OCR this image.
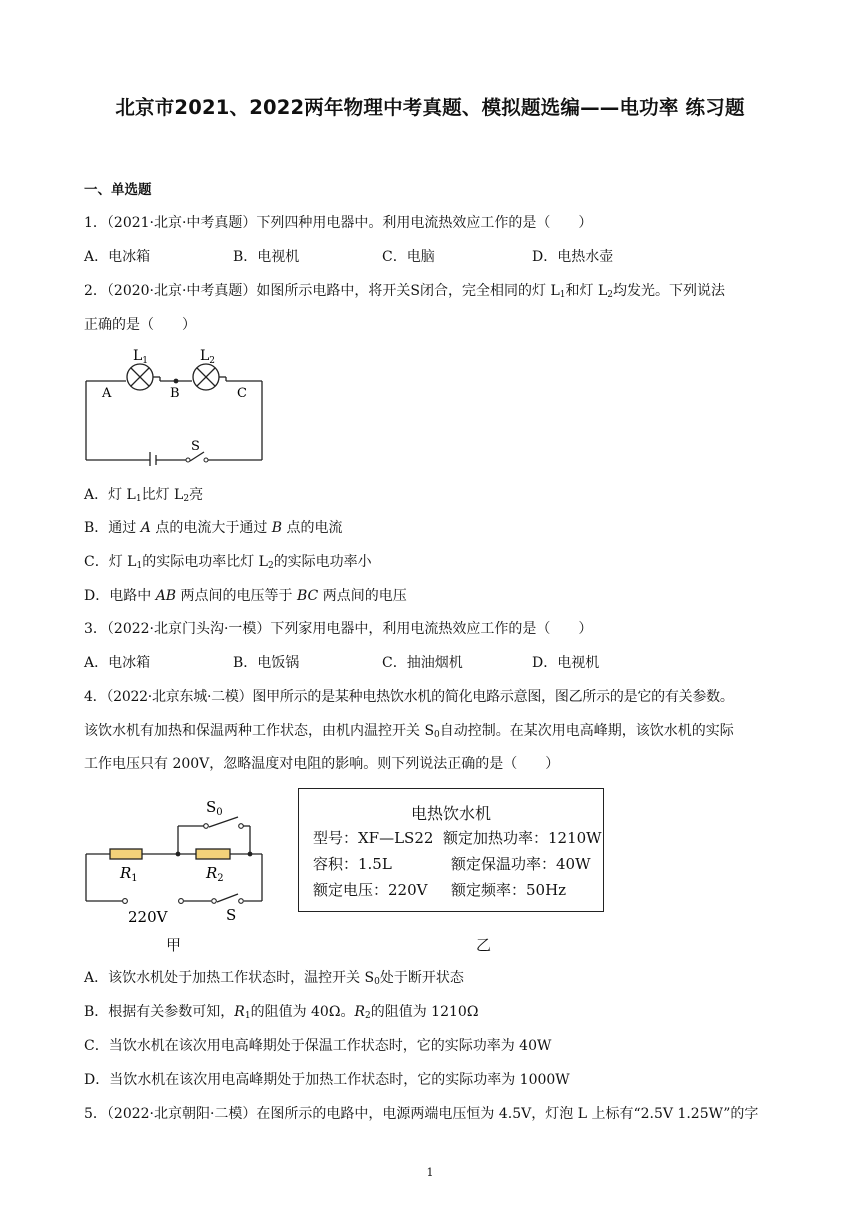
北京市2021、2022两年物理中考真题、模拟题选编——电功率 练习题
一、单选题
1．（2021·北京·中考真题）下列四种用电器中。利用电流热效应工作的是（　　）
A．电冰箱	B．电视机	C．电脑	D．电热水壶
2．（2020·北京·中考真题）如图所示电路中，将开关S闭合，完全相同的灯 $L_1$和灯 $L_2$均发光。下列说法
正确的是（　　）
$L_1$	$L_2$
A	B	C
S
A．灯 $L_1$比灯 $L_2$亮
B．通过 A 点的电流大于通过 B 点的电流
C．灯 $L_1$的实际电功率比灯 $L_2$的实际电功率小
D．电路中 AB 两点间的电压等于 BC 两点间的电压
3．（2022·北京门头沟·一模）下列家用电器中，利用电流热效应工作的是（　　）
A．电冰箱	B．电饭锅	C．抽油烟机	D．电视机
4．（2022·北京东城·二模）图甲所示的是某种电热饮水机的简化电路示意图，图乙所示的是它的有关参数。
该饮水机有加热和保温两种工作状态，由机内温控开关 $S_0$自动控制。在某次用电高峰期，该饮水机的实际
工作电压只有 200V，忽略温度对电阻的影响。则下列说法正确的是（　　）
$S_0$
$R_1$	$R_2$
220V	S
电热饮水机
型号：XF—LS22 额定加热功率：1210W
容积：1.5L	额定保温功率：40W
额定电压：220V 额定频率：50Hz
甲	乙
A．该饮水机处于加热工作状态时，温控开关 $S_0$处于断开状态
B．根据有关参数可知，$R_1$的阻值为 40Ω。$R_2$的阻值为 1210Ω
C．当饮水机在该次用电高峰期处于保温工作状态时，它的实际功率为 40W
D．当饮水机在该次用电高峰期处于加热工作状态时，它的实际功率为 1000W
5．（2022·北京朝阳·二模）在图所示的电路中，电源两端电压恒为 4.5V，灯泡 L 上标有“2.5V 1.25W”的字
1
